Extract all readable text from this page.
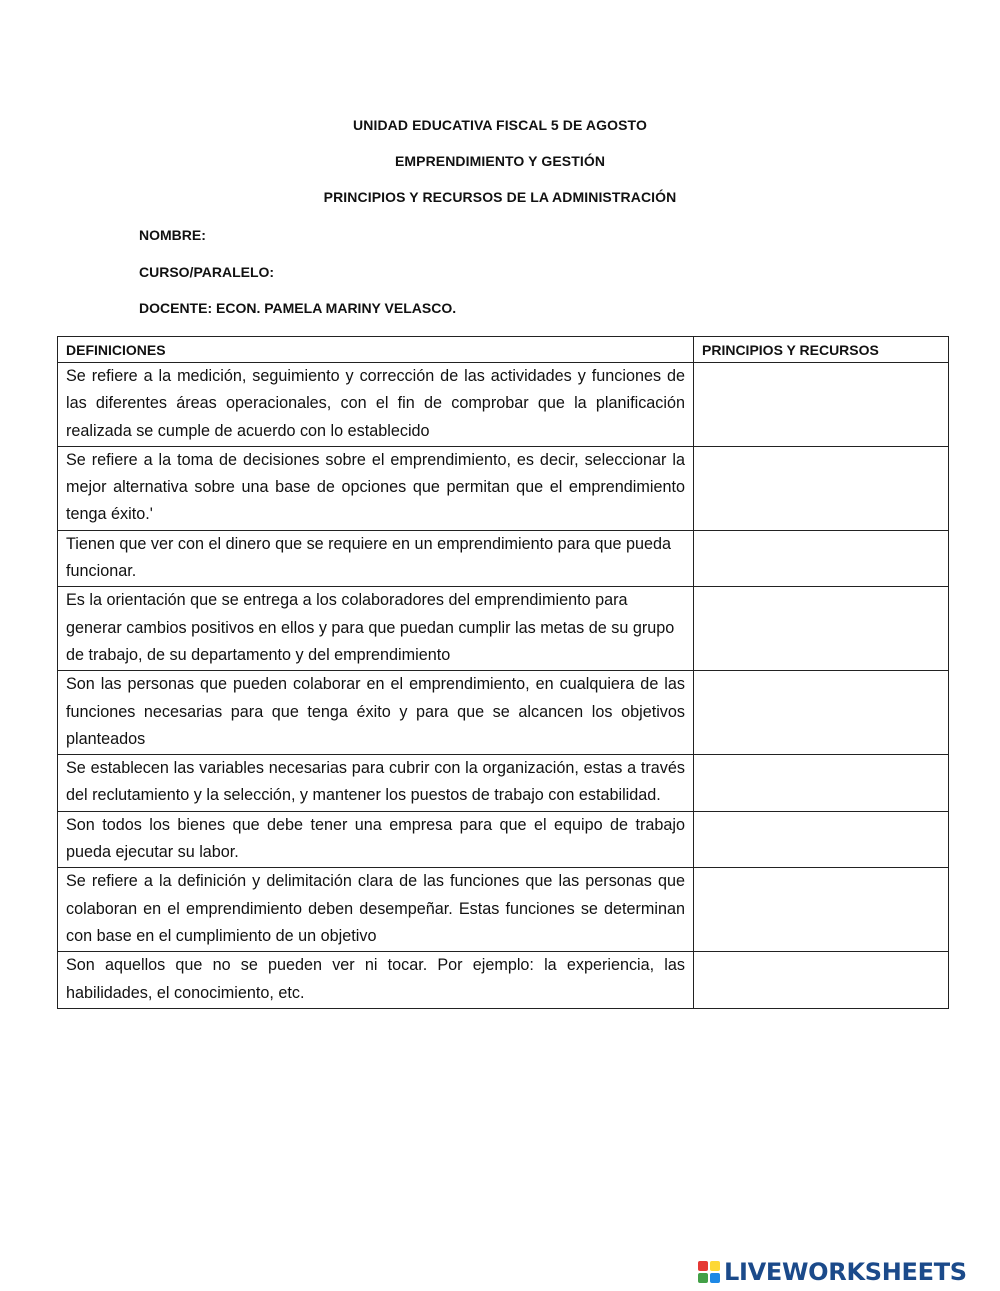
UNIDAD EDUCATIVA FISCAL 5 DE AGOSTO
EMPRENDIMIENTO Y GESTIÓN
PRINCIPIOS Y RECURSOS DE LA ADMINISTRACIÓN
NOMBRE:
CURSO/PARALELO:
DOCENTE: ECON. PAMELA MARINY VELASCO.
DEFINICIONES	PRINCIPIOS Y RECURSOS
Se refiere a la medición, seguimiento y corrección de las actividades y funciones de las diferentes áreas operacionales, con el fin de comprobar que la planificación realizada se cumple de acuerdo con lo establecido	

Se refiere a la toma de decisiones sobre el emprendimiento, es decir, seleccionar la mejor alternativa sobre una base de opciones que permitan que el emprendimiento tenga éxito.'	

Tienen que ver con el dinero que se requiere en un emprendimiento para que pueda funcionar.	

Es la orientación que se entrega a los colaboradores del emprendimiento para generar cambios positivos en ellos y para que puedan cumplir las metas de su grupo de trabajo, de su departamento y del emprendimiento	

Son las personas que pueden colaborar en el emprendimiento, en cualquiera de las funciones necesarias para que tenga éxito y para que se alcancen los objetivos planteados	

Se establecen las variables necesarias para cubrir con la organización, estas a través del reclutamiento y la selección, y mantener los puestos de trabajo con estabilidad.	

Son todos los bienes que debe tener una empresa para que el equipo de trabajo pueda ejecutar su labor.	

Se refiere a la definición y delimitación clara de las funciones que las personas que colaboran en el emprendimiento deben desempeñar. Estas funciones se determinan con base en el cumplimiento de un objetivo	

Son aquellos que no se pueden ver ni tocar. Por ejemplo: la experiencia, las habilidades, el conocimiento, etc.	
LIVEWORKSHEETS
